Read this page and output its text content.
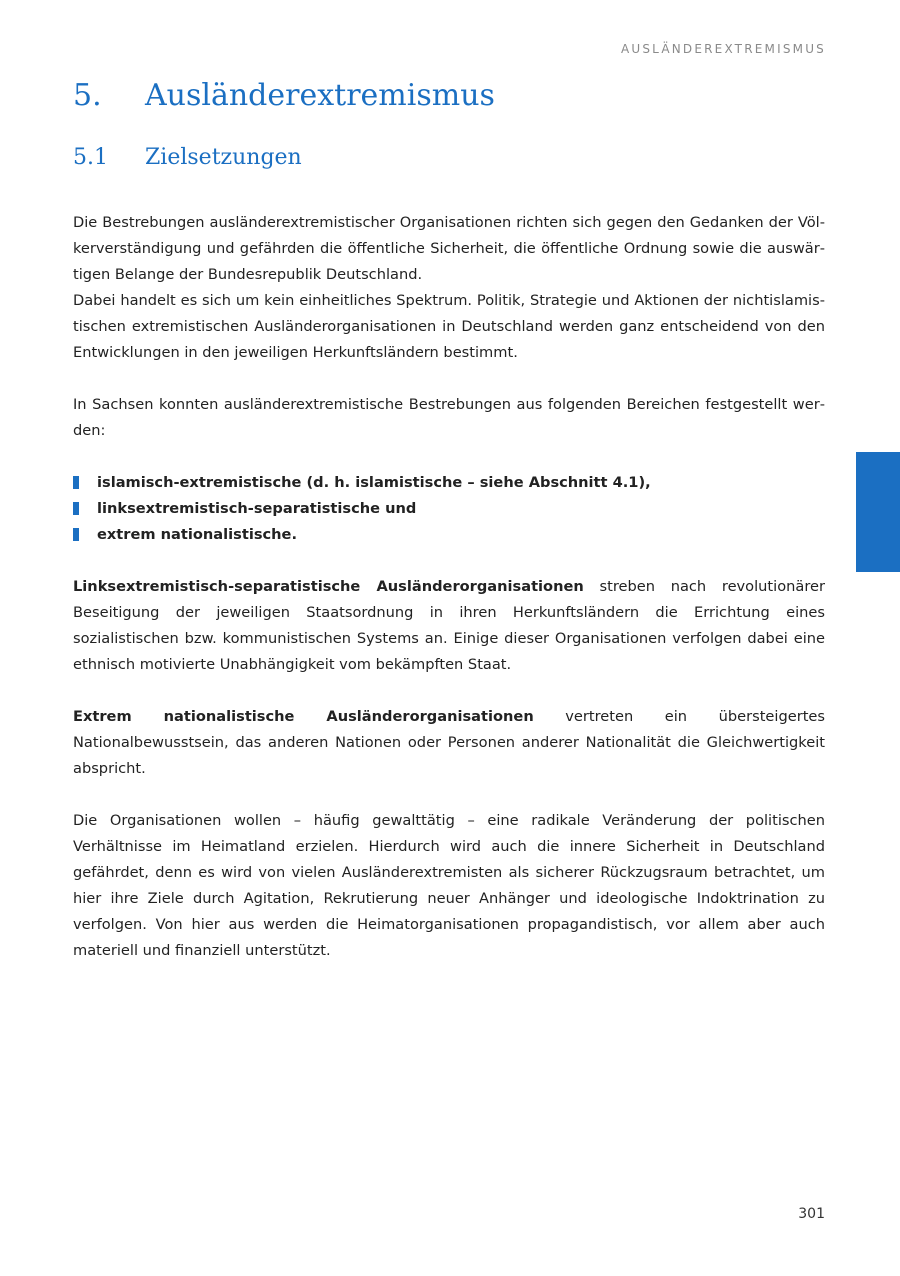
AUSLÄNDEREXTREMISMUS
5. Ausländerextremismus
5.1 Zielsetzungen

Die Bestrebungen ausländerextremistischer Organisationen richten sich gegen den Gedanken der Völkerverständigung und gefährden die öffentliche Sicherheit, die öffentliche Ordnung sowie die auswärtigen Belange der Bundesrepublik Deutschland.

Dabei handelt es sich um kein einheitliches Spektrum. Politik, Strategie und Aktionen der nichtislamistischen extremistischen Ausländerorganisationen in Deutschland werden ganz entscheidend von den Entwicklungen in den jeweiligen Herkunftsländern bestimmt.

In Sachsen konnten ausländerextremistische Bestrebungen aus folgenden Bereichen festgestellt werden:

islamisch-extremistische (d. h. islamistische – siehe Abschnitt 4.1),
linksextremistisch-separatistische und
extrem nationalistische.

Linksextremistisch-separatistische Ausländerorganisationen streben nach revolutionärer Beseitigung der jeweiligen Staatsordnung in ihren Herkunftsländern die Errichtung eines sozialistischen bzw. kommunistischen Systems an. Einige dieser Organisationen verfolgen dabei eine ethnisch motivierte Unabhängigkeit vom bekämpften Staat.

Extrem nationalistische Ausländerorganisationen vertreten ein übersteigertes Nationalbewusstsein, das anderen Nationen oder Personen anderer Nationalität die Gleichwertigkeit abspricht.

Die Organisationen wollen – häufig gewalttätig – eine radikale Veränderung der politischen Verhältnisse im Heimatland erzielen. Hierdurch wird auch die innere Sicherheit in Deutschland gefährdet, denn es wird von vielen Ausländerextremisten als sicherer Rückzugsraum betrachtet, um hier ihre Ziele durch Agitation, Rekrutierung neuer Anhänger und ideologische Indoktrination zu verfolgen. Von hier aus werden die Heimatorganisationen propagandistisch, vor allem aber auch materiell und finanziell unterstützt.

301
